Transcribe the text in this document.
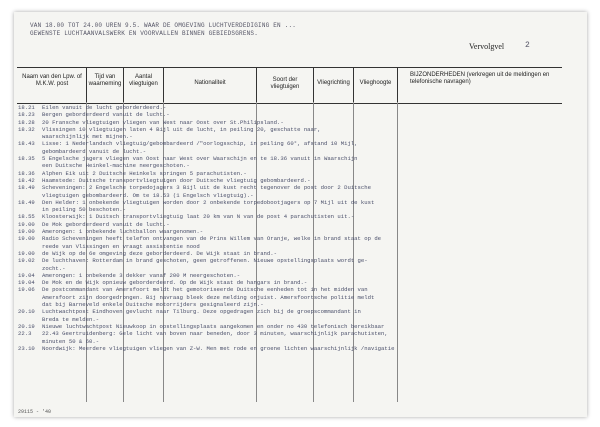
VAN 18.00 TOT 24.00 UREN 9.5. WAAR DE OMGEVING LUCHTVERDEDIGING EN ...
GEWENSTE LUCHTAANVALSWERK EN VOORVALLEN BINNEN GEBIEDSGRENS.
Vervolgvel	2
Naam van den Lpw. of M.K.W. post
Tijd van waarneming
Aantal vliegtuigen	Nationaliteit	Soort der vliegtuigen
Vliegrichting	Vlieghoogte
BIJZONDERHEDEN (verkregen uit de meldingen en telefonische navragen)
18.21	Eilen vanuit de lucht geborderdeerd.-
18.23	Bergen geborderdeerd vanuit de lucht.-
18.28	20 Fransche vliegtuigen vliegen van West naar Oost over St.Philipsland.-
18.32	Vlissingen 10 vliegtuigen laten 4 Bijl uit de lucht, in peiling 20, geschatte naar,
waarschijnlijk met mijnen.-
18.43	Lisse: 1 Nederlandsch vliegtuig/gebombardeerd /"oorlogsschip, in peiling 60°, afstand 10 Mijl,
gebombardeerd vanuit de lucht.-
18.35	5 Engelsche jagers vliegen van Oost naar West over Waarschijn en te 18.36 vanuit in Waarschijn
een Duitsche Heinkel-machine neergeschoten.-
18.36	Alphen Eik uit 2 Duitsche Heinkels springen 5 parachutisten.-
18.42	Haamstede: Duitsche transportvliegtuigen door Duitsche vliegtuig gebombardeerd.-
18.49	Scheveningen: 2 Engelsche torpedojagers 3 Bijl uit de kust recht tegenover de post door 2 Duitsche
vliegtuigen gebombardeerd. Om te 18.53 (1 Engelsch vliegtuig).-
18.49	Den Helder: 1 onbekende vliegtuigen worden door 2 onbekende torpedobootjagers op 7 Mijl uit de kust
in peiling 50 beschoten.-
18.55	Kloosterwijk: 1 Duitsch transportvliegtuig laat 20 km van N van de post 4 parachutisten uit.-
19.00	De Mok geborderdeerd vanuit de lucht.-
19.00	Amerongen: 1 onbekende luchtballon waargenomen.-
19.00	Radio Scheveningen heeft telefon ontvangen van de Prins Willem van Oranje, welke in brand staat op de
reede van Vlissingen en vraagt assistentie nood
19.00	de Wijk op de 6e omgeving deze geborderdeerd. De Wijk staat in brand.-
19.02	De luchthaven: Rotterdam in brand geschoten, geen getroffenen. Nieuwe opstellingsplaats wordt ge-
zocht.-
19.04	Amerongen: 1 onbekende 3 dekker vanaf 200 M neergeschoten.-
19.04	De Mok en de Wijk opnieuw geborderdeerd. Op de Wijk staat de hangars in brand.-
19.06	De postcommandant van Amersfoort meldt het gemotoriseerde Duitsche eenheden tot in het midden van
Amersfoort zijn doorgedrongen. Bij navraag bleek deze melding onjuist. Amersfoortsche politie meldt
dat bij Barneveld enkele Duitsche motorrijders gesignaleerd zijn.-
20.10	Luchtwachtpost Eindhoven gevlucht naar Tilburg. Deze opgedragen zich bij de groepscommandant in
Breda te melden.-
20.19	Nieuwe luchtwachtpost Nieuwkoop in opstellingsplaats aangekomen en onder no 430 telefonisch bereikbaar
22.3	22.43 Geertruidenberg: Gele licht van boven naar beneden, door 3 minuten, waarschijnlijk parachutisten,
minuten 50 & 60.-
23.10	Noordwijk: Meerdere vliegtuigen vliegen van Z-W. Men met rode en groene lichten waarschijnlijk /navigatie
29115 - '40
